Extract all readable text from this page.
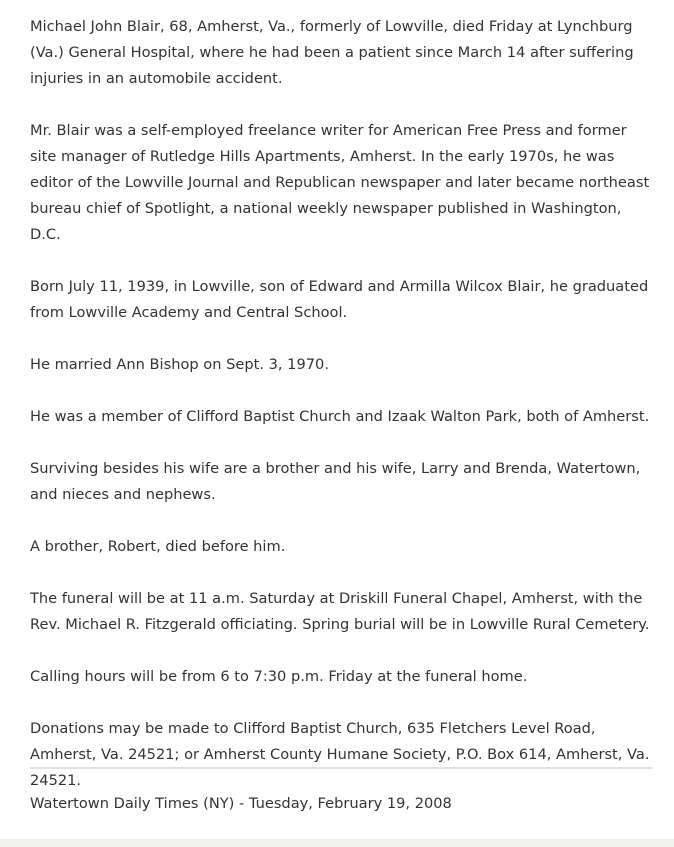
Michael John Blair, 68, Amherst, Va., formerly of Lowville, died Friday at Lynchburg (Va.) General Hospital, where he had been a patient since March 14 after suffering injuries in an automobile accident.

Mr. Blair was a self-employed freelance writer for American Free Press and former site manager of Rutledge Hills Apartments, Amherst. In the early 1970s, he was editor of the Lowville Journal and Republican newspaper and later became northeast bureau chief of Spotlight, a national weekly newspaper published in Washington, D.C.

Born July 11, 1939, in Lowville, son of Edward and Armilla Wilcox Blair, he graduated from Lowville Academy and Central School.

He married Ann Bishop on Sept. 3, 1970.

He was a member of Clifford Baptist Church and Izaak Walton Park, both of Amherst.

Surviving besides his wife are a brother and his wife, Larry and Brenda, Watertown, and nieces and nephews.

A brother, Robert, died before him.

The funeral will be at 11 a.m. Saturday at Driskill Funeral Chapel, Amherst, with the Rev. Michael R. Fitzgerald officiating. Spring burial will be in Lowville Rural Cemetery.

Calling hours will be from 6 to 7:30 p.m. Friday at the funeral home.

Donations may be made to Clifford Baptist Church, 635 Fletchers Level Road, Amherst, Va. 24521; or Amherst County Humane Society, P.O. Box 614, Amherst, Va. 24521.

Watertown Daily Times (NY) - Tuesday, February 19, 2008
